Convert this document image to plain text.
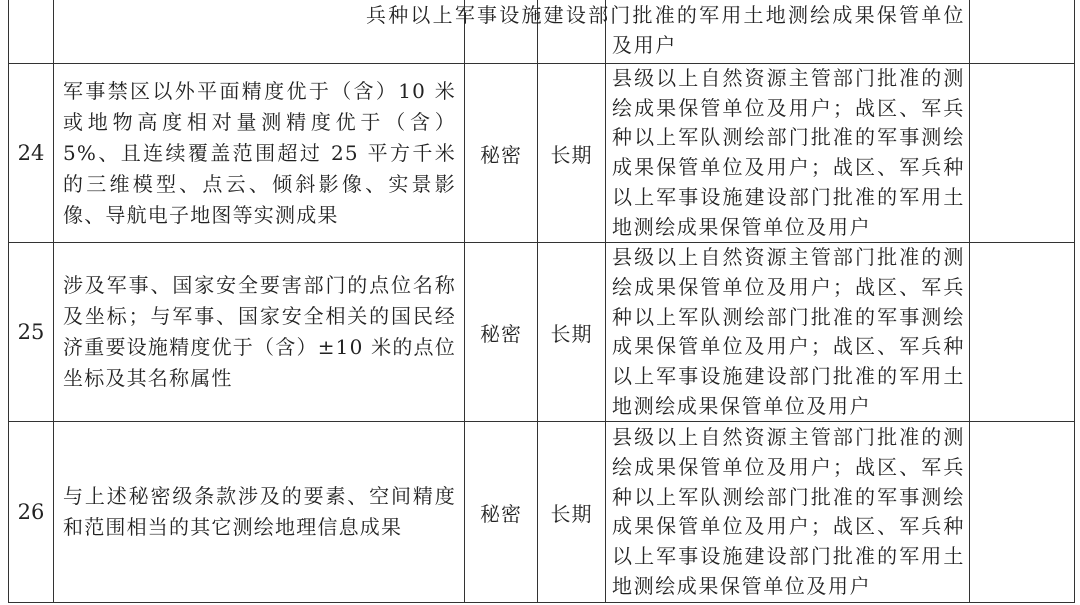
				兵种以上军事设施建设部门批准的军用土地测绘成果保管单位及用户	
24	军事禁区以外平面精度优于（含）10 米或地物高度相对量测精度优于（含）5%、且连续覆盖范围超过 25 平方千米的三维模型、点云、倾斜影像、实景影像、导航电子地图等实测成果	秘密	长期	县级以上自然资源主管部门批准的测绘成果保管单位及用户；战区、军兵种以上军队测绘部门批准的军事测绘成果保管单位及用户；战区、军兵种以上军事设施建设部门批准的军用土地测绘成果保管单位及用户	
25	涉及军事、国家安全要害部门的点位名称及坐标；与军事、国家安全相关的国民经济重要设施精度优于（含）±10 米的点位坐标及其名称属性	秘密	长期	县级以上自然资源主管部门批准的测绘成果保管单位及用户；战区、军兵种以上军队测绘部门批准的军事测绘成果保管单位及用户；战区、军兵种以上军事设施建设部门批准的军用土地测绘成果保管单位及用户	
26	与上述秘密级条款涉及的要素、空间精度和范围相当的其它测绘地理信息成果	秘密	长期	县级以上自然资源主管部门批准的测绘成果保管单位及用户；战区、军兵种以上军队测绘部门批准的军事测绘成果保管单位及用户；战区、军兵种以上军事设施建设部门批准的军用土地测绘成果保管单位及用户	
